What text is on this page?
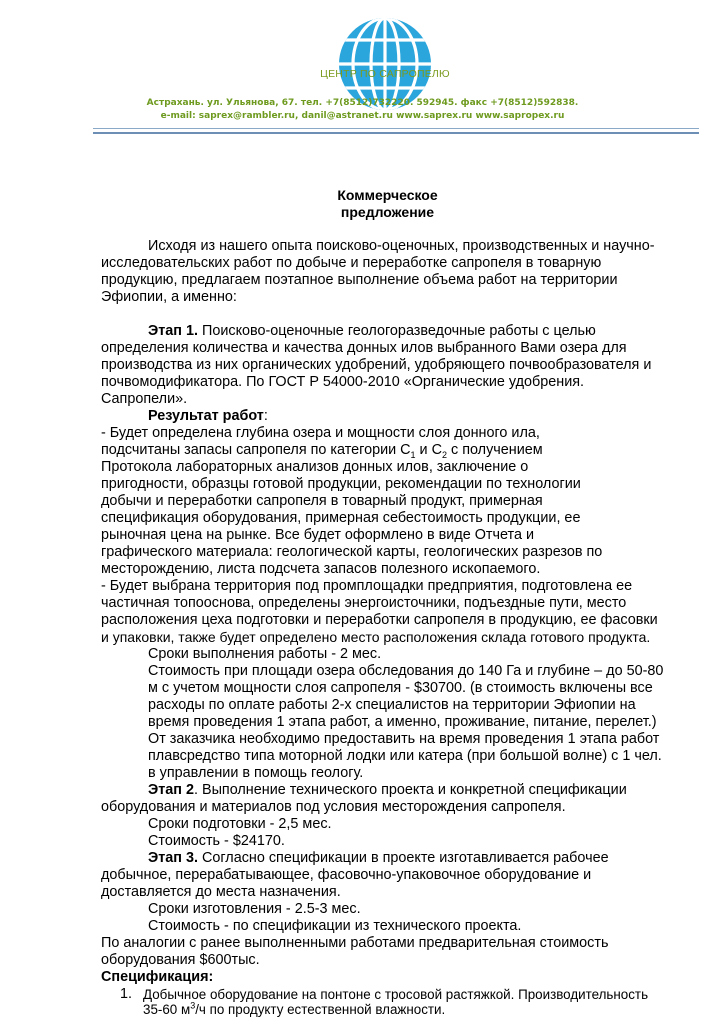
ЦЕНТР ПО САПРОПЕЛЮ
Астрахань. ул. Ульянова, 67. тел. +7(8512)732220. 592945. факс +7(8512)592838.
e-mail: saprex@rambler.ru, danil@astranet.ru www.saprex.ru www.sapropex.ru
Коммерческое
предложение
Исходя из нашего опыта поисково-оценочных, производственных и научно-
исследовательских работ по добыче и переработке сапропеля в товарную
продукцию, предлагаем поэтапное выполнение объема работ на территории
Эфиопии, а именно:
Этап 1. Поисково-оценочные геологоразведочные работы с целью
определения количества и качества донных илов выбранного Вами озера для
производства из них органических удобрений, удобряющего почвообразователя и
почвомодификатора. По ГОСТ Р 54000-2010 «Органические удобрения.
Сапропели».
Результат работ:
- Будет определена глубина озера и мощности слоя донного ила,
подсчитаны запасы сапропеля по категории $С_1$ и $С_2$ с получением
Протокола лабораторных анализов донных илов, заключение о
пригодности, образцы готовой продукции, рекомендации по технологии
добычи и переработки сапропеля в товарный продукт, примерная
спецификация оборудования, примерная себестоимость продукции, ее
рыночная цена на рынке. Все будет оформлено в виде Отчета и
графического материала: геологической карты, геологических разрезов по
месторождению, листа подсчета запасов полезного ископаемого.
- Будет выбрана территория под промплощадки предприятия, подготовлена ее
частичная топооснова, определены энергоисточники, подъездные пути, место
расположения цеха подготовки и переработки сапропеля в продукцию, ее фасовки
и упаковки, также будет определено место расположения склада готового продукта.
Сроки выполнения работы - 2 мес.
Стоимость при площади озера обследования до 140 Га и глубине – до 50-80
м с учетом мощности слоя сапропеля - $30700. (в стоимость включены все
расходы по оплате работы 2-х специалистов на территории Эфиопии на
время проведения 1 этапа работ, а именно, проживание, питание, перелет.)
От заказчика необходимо предоставить на время проведения 1 этапа работ
плавсредство типа моторной лодки или катера (при большой волне) с 1 чел.
в управлении в помощь геологу.
Этап 2. Выполнение технического проекта и конкретной спецификации
оборудования и материалов под условия месторождения сапропеля.
Сроки подготовки - 2,5 мес.
Стоимость - $24170.
Этап 3. Согласно спецификации в проекте изготавливается рабочее
добычное, перерабатывающее, фасовочно-упаковочное оборудование и
доставляется до места назначения.
Сроки изготовления - 2.5-3 мес.
Стоимость - по спецификации из технического проекта.
По аналогии с ранее выполненными работами предварительная стоимость
оборудования $600тыс.
Спецификация:
1. Добычное оборудование на понтоне с тросовой растяжкой. Производительность
35-60 $м^3/ч$ по продукту естественной влажности.
